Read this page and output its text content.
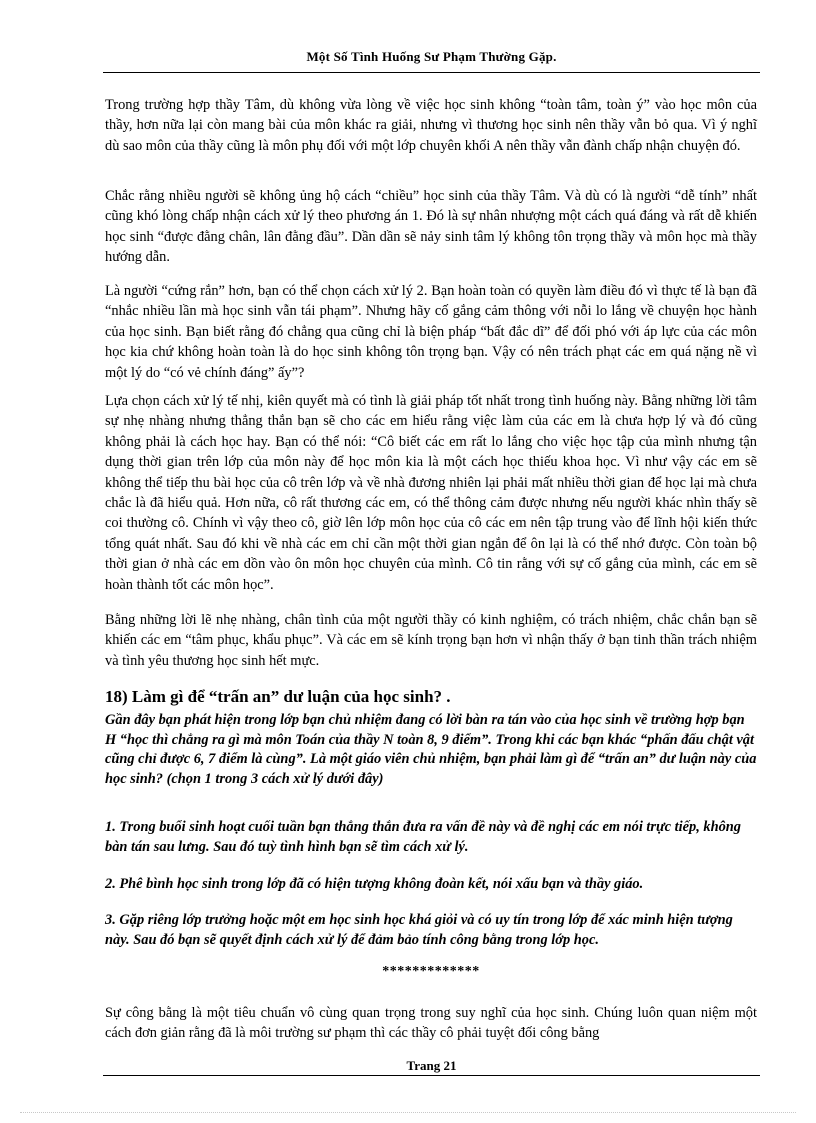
Một Số Tình Huống Sư Phạm Thường Gặp.

Trong trường hợp thầy Tâm, dù không vừa lòng về việc học sinh không “toàn tâm, toàn ý” vào học môn của thầy, hơn nữa lại còn mang bài của môn khác ra giải, nhưng vì thương học sinh nên thầy vẫn bỏ qua. Vì ý nghĩ dù sao môn của thầy cũng là môn phụ đối với một lớp chuyên khối A nên thầy vẫn đành chấp nhận chuyện đó.

Chắc rằng nhiều người sẽ không ủng hộ cách “chiều” học sinh của thầy Tâm. Và dù có là người “dễ tính” nhất cũng khó lòng chấp nhận cách xử lý theo phương án 1. Đó là sự nhân nhượng một cách quá đáng và rất dễ khiến học sinh “được đằng chân, lân đằng đầu”. Dần dần sẽ nảy sinh tâm lý không tôn trọng thầy và môn học mà thầy hướng dẫn.

Là người “cứng rắn” hơn, bạn có thể chọn cách xử lý 2. Bạn hoàn toàn có quyền làm điều đó vì thực tế là bạn đã “nhắc nhiều lần mà học sinh vẫn tái phạm”. Nhưng hãy cố gắng cảm thông với nỗi lo lắng về chuyện học hành của học sinh. Bạn biết rằng đó chẳng qua cũng chỉ là biện pháp “bất đắc dĩ” để đối phó với áp lực của các môn học kia chứ không hoàn toàn là do học sinh không tôn trọng bạn. Vậy có nên trách phạt các em quá nặng nề vì một lý do “có vẻ chính đáng” ấy”?

Lựa chọn cách xử lý tế nhị, kiên quyết mà có tình là giải pháp tốt nhất trong tình huống này. Bằng những lời tâm sự nhẹ nhàng nhưng thẳng thắn bạn sẽ cho các em hiểu rằng việc làm của các em là chưa hợp lý và đó cũng không phải là cách học hay. Bạn có thể nói: “Cô biết các em rất lo lắng cho việc học tập của mình nhưng tận dụng thời gian trên lớp của môn này để học môn kia là một cách học thiếu khoa học. Vì như vậy các em sẽ không thể tiếp thu bài học của cô trên lớp và về nhà đương nhiên lại phải mất nhiều thời gian để học lại mà chưa chắc là đã hiểu quả. Hơn nữa, cô rất thương các em, có thể thông cảm được nhưng nếu người khác nhìn thấy sẽ coi thường cô. Chính vì vậy theo cô, giờ lên lớp môn học của cô các em nên tập trung vào để lĩnh hội kiến thức tổng quát nhất. Sau đó khi về nhà các em chỉ cần một thời gian ngắn để ôn lại là có thể nhớ được. Còn toàn bộ thời gian ở nhà các em dồn vào ôn môn học chuyên của mình. Cô tin rằng với sự cố gắng của mình, các em sẽ hoàn thành tốt các môn học”.

Bằng những lời lẽ nhẹ nhàng, chân tình của một người thầy có kinh nghiệm, có trách nhiệm, chắc chắn bạn sẽ khiến các em “tâm phục, khẩu phục”. Và các em sẽ kính trọng bạn hơn vì nhận thấy ở bạn tinh thần trách nhiệm và tình yêu thương học sinh hết mực.

18) Làm gì để “trấn an” dư luận của học sinh? .

Gần đây bạn phát hiện trong lớp bạn chủ nhiệm đang có lời bàn ra tán vào của học sinh về trường hợp bạn H “học thì chẳng ra gì mà môn Toán của thầy N toàn 8, 9 điểm”. Trong khi các bạn khác “phấn đấu chật vật cũng chỉ được 6, 7 điểm là cùng”. Là một giáo viên chủ nhiệm, bạn phải làm gì để “trấn an” dư luận này của học sinh? (chọn 1 trong 3 cách xử lý dưới đây)

1. Trong buổi sinh hoạt cuối tuần bạn thẳng thắn đưa ra vấn đề này và đề nghị các em nói trực tiếp, không bàn tán sau lưng. Sau đó tuỳ tình hình bạn sẽ tìm cách xử lý.

2. Phê bình học sinh trong lớp đã có hiện tượng không đoàn kết, nói xấu bạn và thầy giáo.

3. Gặp riêng lớp trưởng hoặc một em học sinh học khá giỏi và có uy tín trong lớp để xác minh hiện tượng này. Sau đó bạn sẽ quyết định cách xử lý để đảm bảo tính công bằng trong lớp học.

*************

Sự công bằng là một tiêu chuẩn vô cùng quan trọng trong suy nghĩ của học sinh. Chúng luôn quan niệm một cách đơn giản rằng đã là môi trường sư phạm thì các thầy cô phải tuyệt đối công bằng

Trang 21
